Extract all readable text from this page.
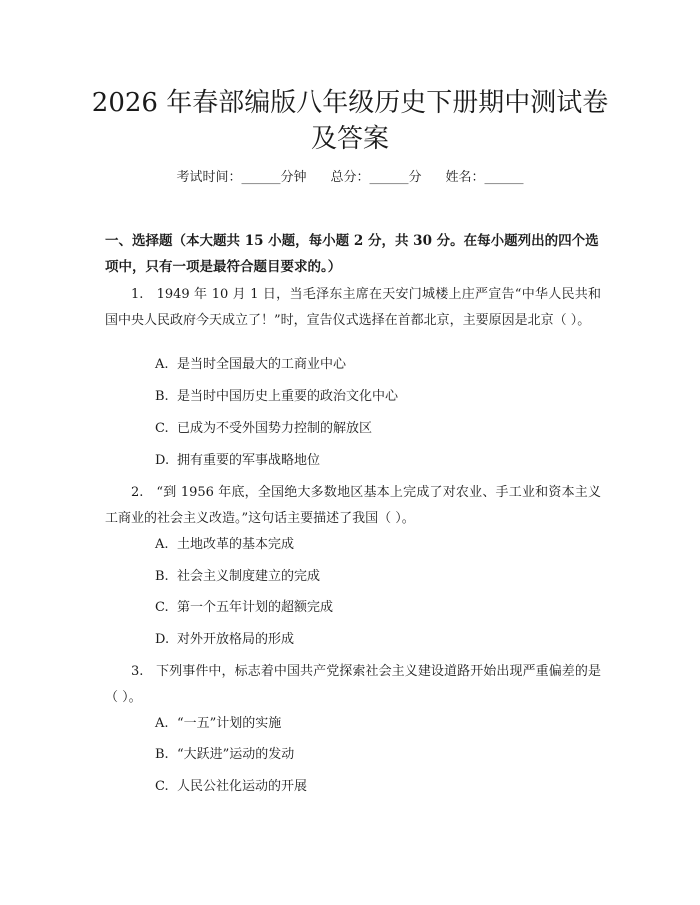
2026 年春部编版八年级历史下册期中测试卷
及答案
考试时间：______分钟 总分：______分 姓名：______

一、选择题（本大题共 15 小题，每小题 2 分，共 30 分。在每小题列出的四个选项中，只有一项是最符合题目要求的。）

1. 1949 年 10 月 1 日，当毛泽东主席在天安门城楼上庄严宣告“中华人民共和国中央人民政府今天成立了！”时，宣告仪式选择在首都北京，主要原因是北京（ ）。

A. 是当时全国最大的工商业中心
B. 是当时中国历史上重要的政治文化中心
C. 已成为不受外国势力控制的解放区
D. 拥有重要的军事战略地位

2. “到 1956 年底，全国绝大多数地区基本上完成了对农业、手工业和资本主义工商业的社会主义改造。”这句话主要描述了我国（ ）。

A. 土地改革的基本完成
B. 社会主义制度建立的完成
C. 第一个五年计划的超额完成
D. 对外开放格局的形成

3. 下列事件中，标志着中国共产党探索社会主义建设道路开始出现严重偏差的是（ ）。

A. “一五”计划的实施
B. “大跃进”运动的发动
C. 人民公社化运动的开展
